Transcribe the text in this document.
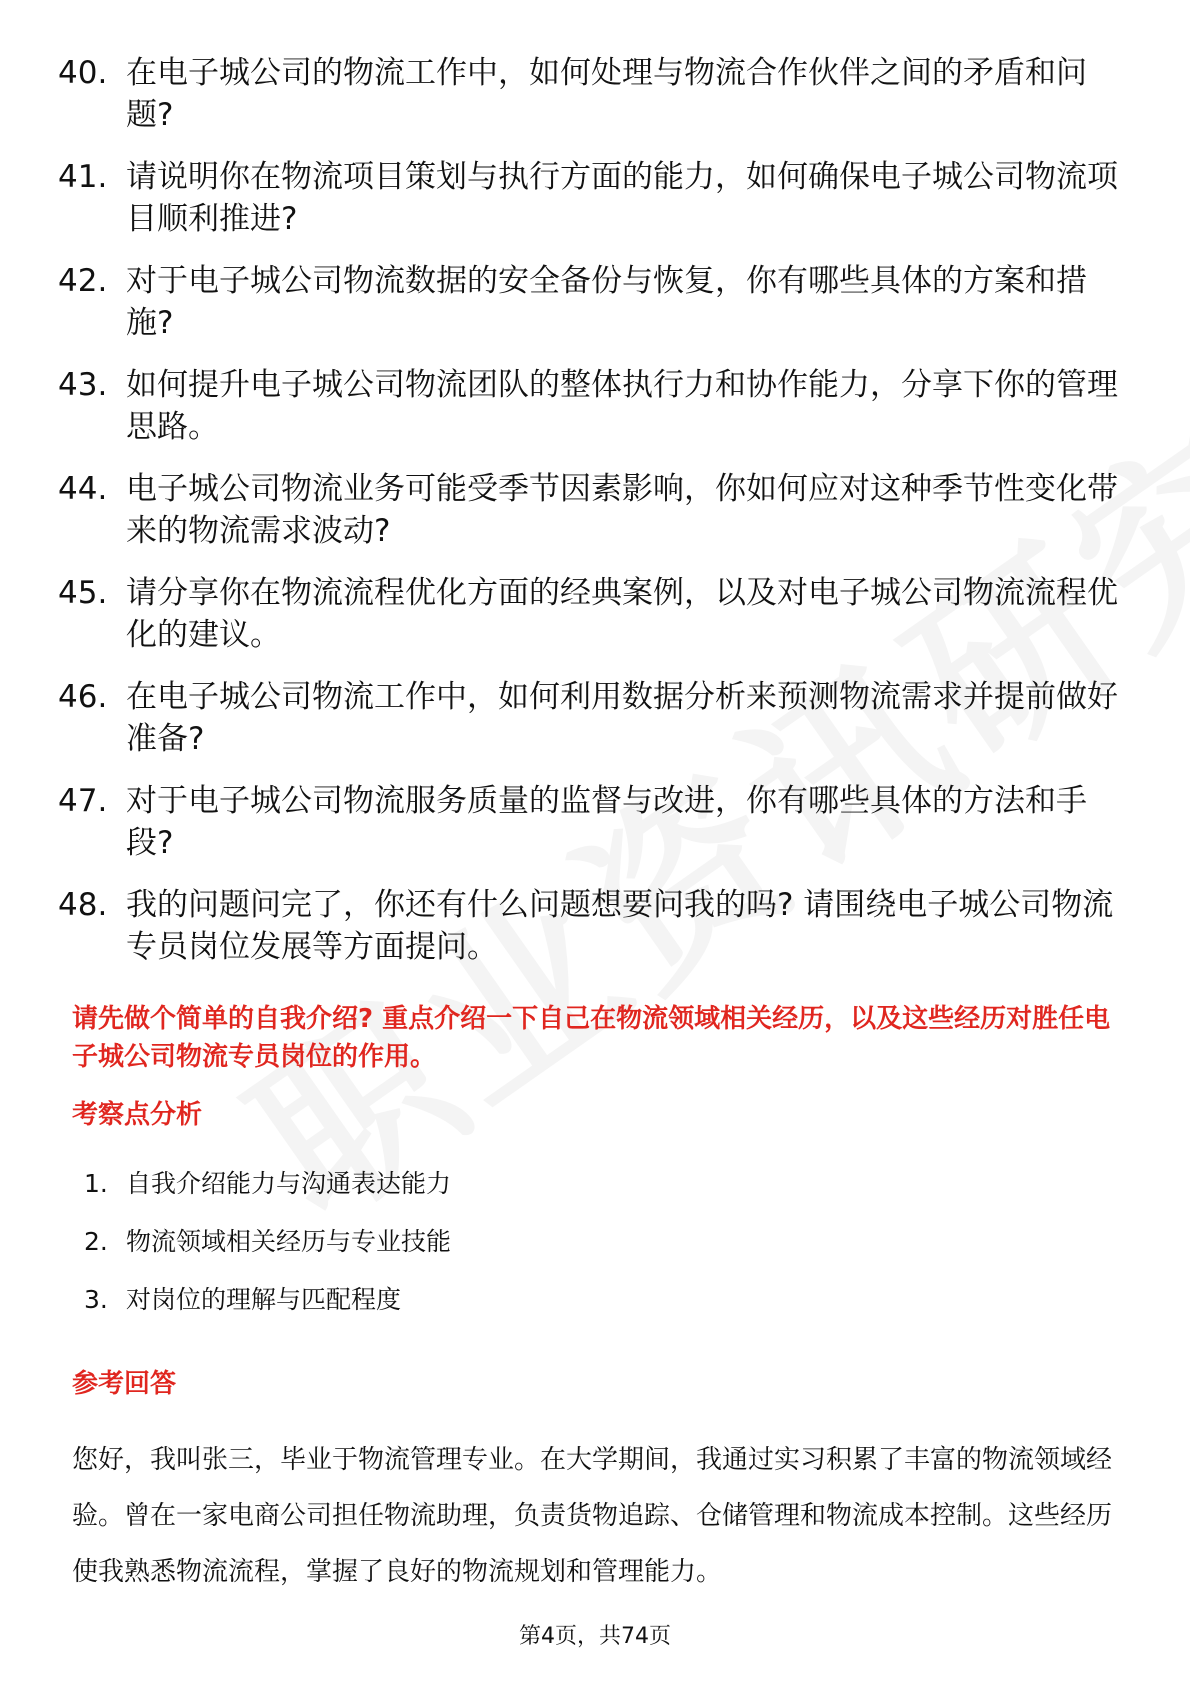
40. 在电子城公司的物流工作中，如何处理与物流合作伙伴之间的矛盾和问题?
41. 请说明你在物流项目策划与执行方面的能力，如何确保电子城公司物流项目顺利推进?
42. 对于电子城公司物流数据的安全备份与恢复，你有哪些具体的方案和措施?
43. 如何提升电子城公司物流团队的整体执行力和协作能力，分享下你的管理思路。
44. 电子城公司物流业务可能受季节因素影响，你如何应对这种季节性变化带来的物流需求波动?
45. 请分享你在物流流程优化方面的经典案例，以及对电子城公司物流流程优化的建议。
46. 在电子城公司物流工作中，如何利用数据分析来预测物流需求并提前做好准备?
47. 对于电子城公司物流服务质量的监督与改进，你有哪些具体的方法和手段?
48. 我的问题问完了，你还有什么问题想要问我的吗? 请围绕电子城公司物流专员岗位发展等方面提问。
请先做个简单的自我介绍? 重点介绍一下自己在物流领域相关经历，以及这些经历对胜任电子城公司物流专员岗位的作用。
考察点分析
1. 自我介绍能力与沟通表达能力
2. 物流领域相关经历与专业技能
3. 对岗位的理解与匹配程度
参考回答

您好，我叫张三，毕业于物流管理专业。在大学期间，我通过实习积累了丰富的物流领域经验。曾在一家电商公司担任物流助理，负责货物追踪、仓储管理和物流成本控制。这些经历使我熟悉物流流程，掌握了良好的物流规划和管理能力。

第4页，共74页
